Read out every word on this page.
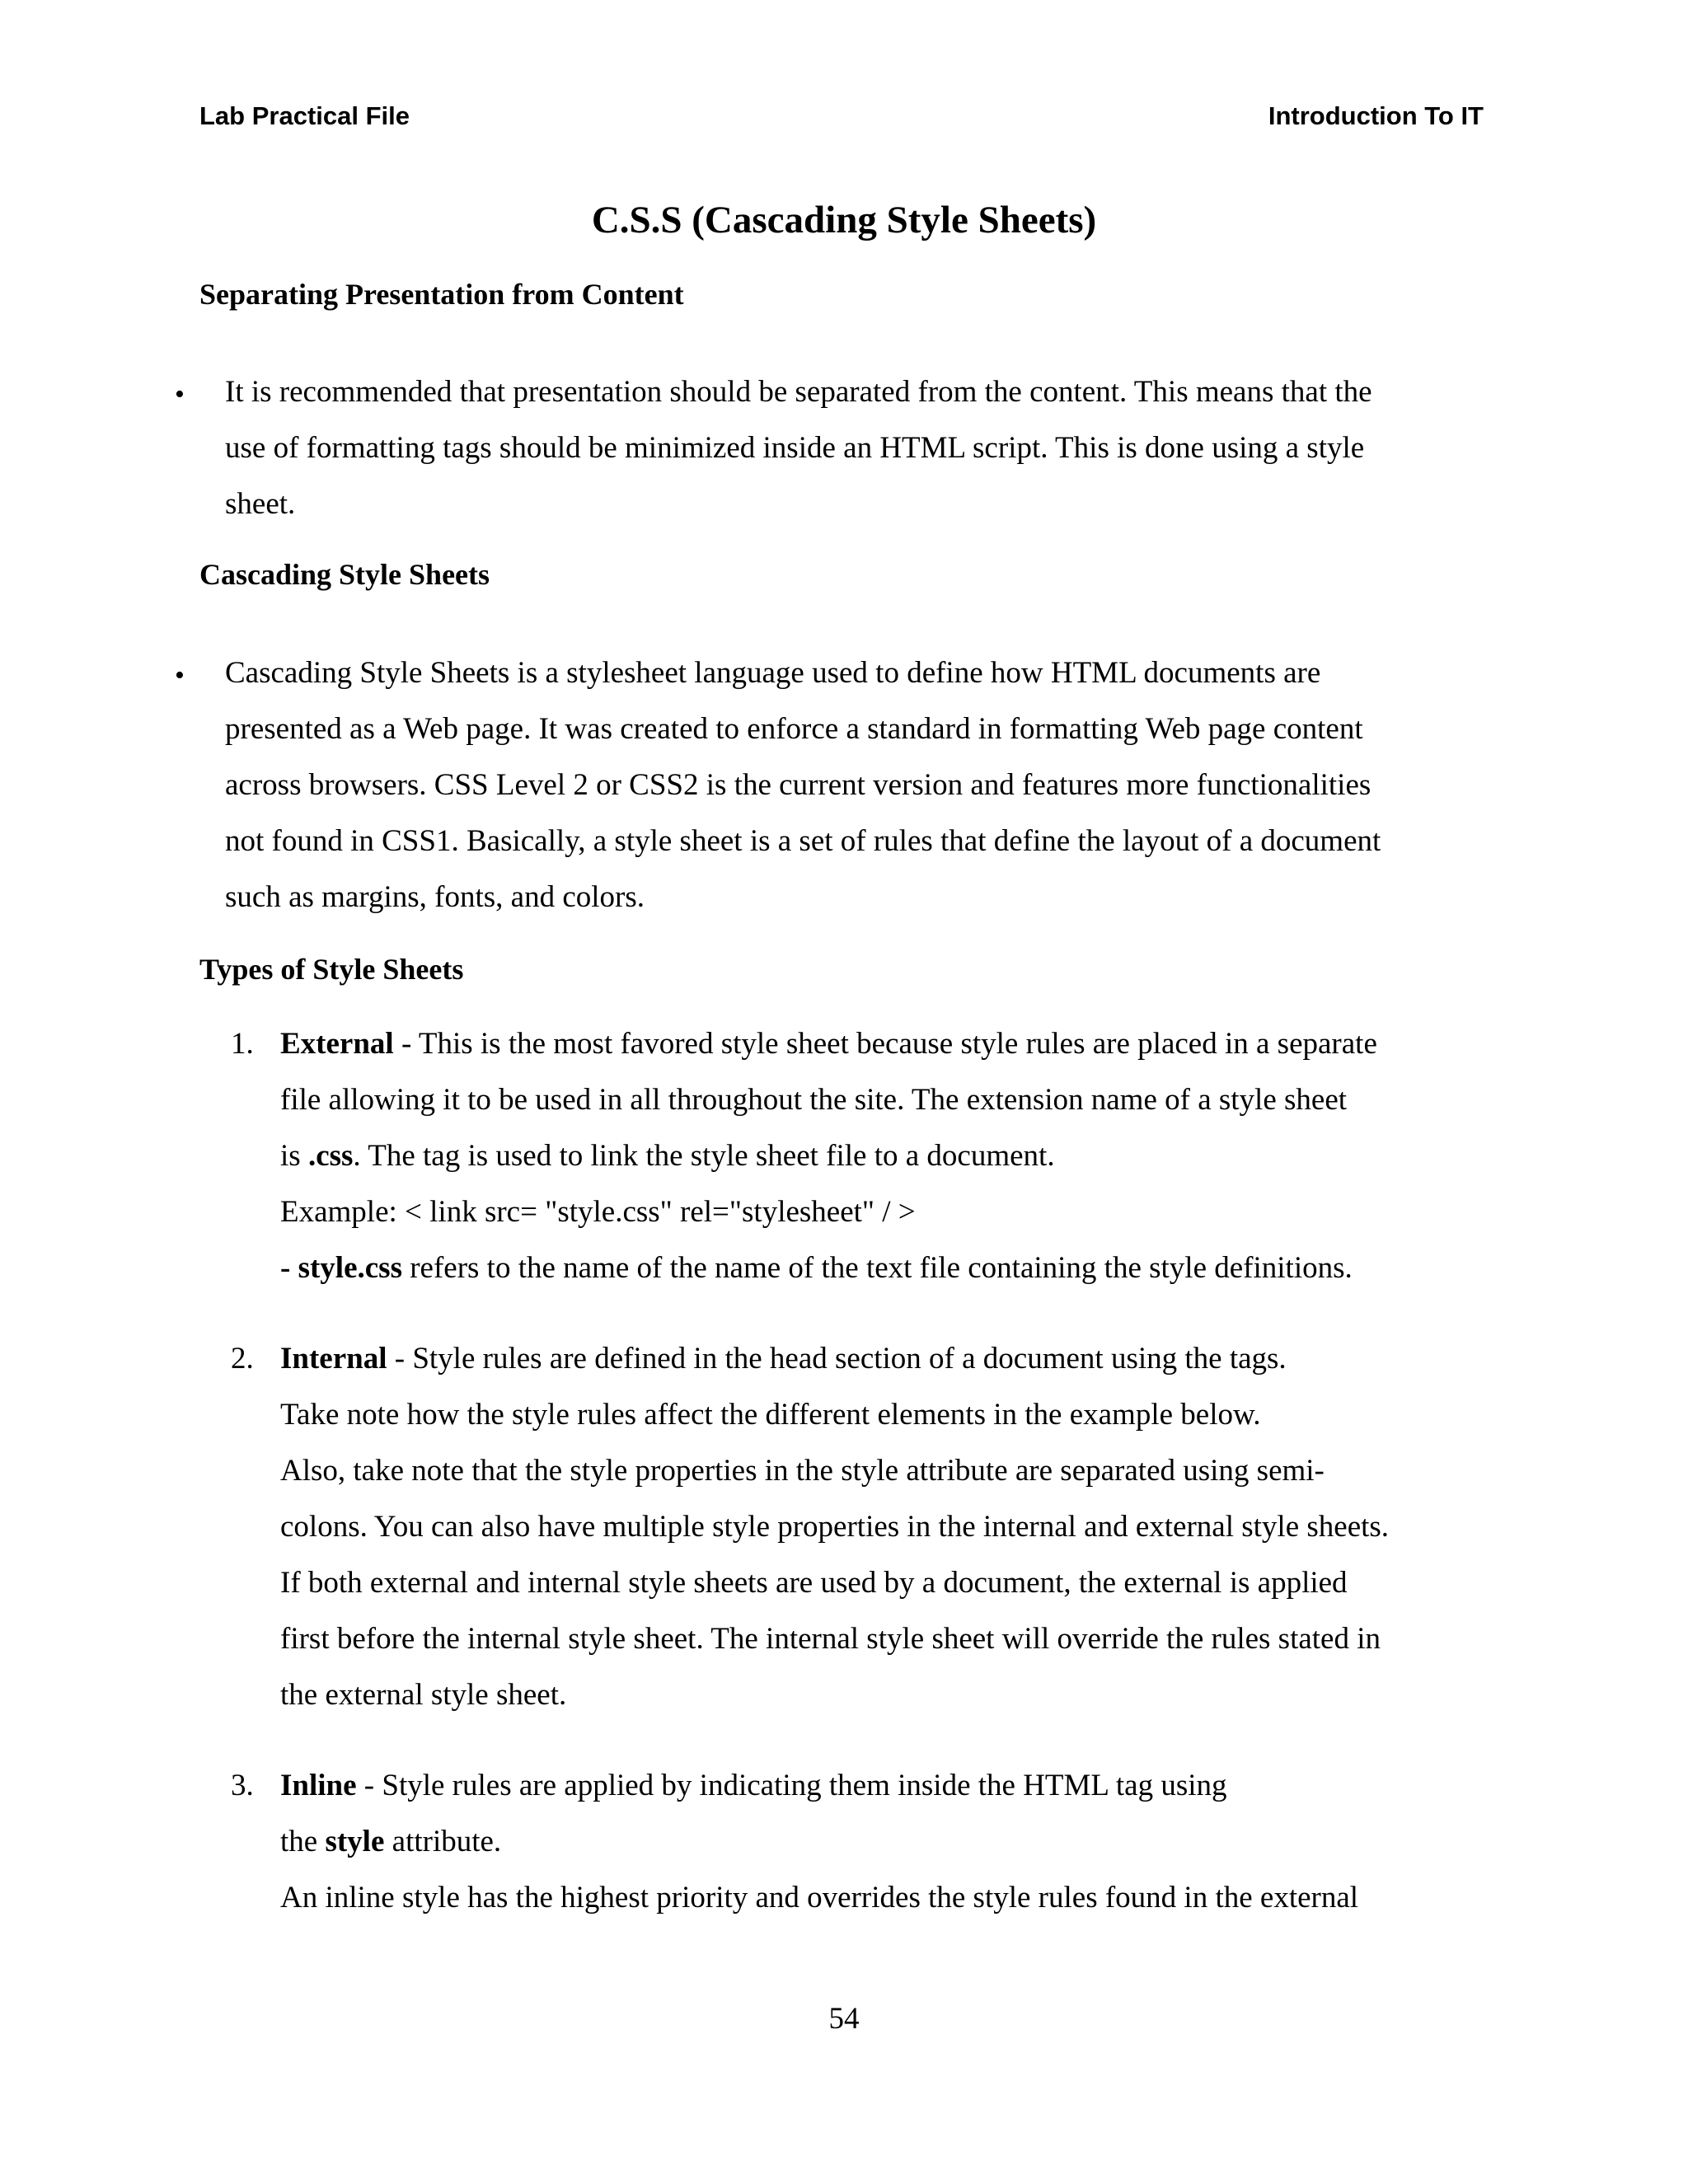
Lab Practical File	Introduction To IT
C.S.S (Cascading Style Sheets)
Separating Presentation from Content
• It is recommended that presentation should be separated from the content. This means that the
use of formatting tags should be minimized inside an HTML script. This is done using a style
sheet.
Cascading Style Sheets
• Cascading Style Sheets is a stylesheet language used to define how HTML documents are
presented as a Web page. It was created to enforce a standard in formatting Web page content
across browsers. CSS Level 2 or CSS2 is the current version and features more functionalities
not found in CSS1. Basically, a style sheet is a set of rules that define the layout of a document
such as margins, fonts, and colors.
Types of Style Sheets
1. External - This is the most favored style sheet because style rules are placed in a separate
file allowing it to be used in all throughout the site. The extension name of a style sheet
is .css. The tag is used to link the style sheet file to a document.
Example: < link src= "style.css" rel="stylesheet" / >
- style.css refers to the name of the name of the text file containing the style definitions.
2. Internal - Style rules are defined in the head section of a document using the tags.
Take note how the style rules affect the different elements in the example below.
Also, take note that the style properties in the style attribute are separated using semi-
colons. You can also have multiple style properties in the internal and external style sheets.
If both external and internal style sheets are used by a document, the external is applied
first before the internal style sheet. The internal style sheet will override the rules stated in
the external style sheet.
3. Inline - Style rules are applied by indicating them inside the HTML tag using
the style attribute.
An inline style has the highest priority and overrides the style rules found in the external
54
